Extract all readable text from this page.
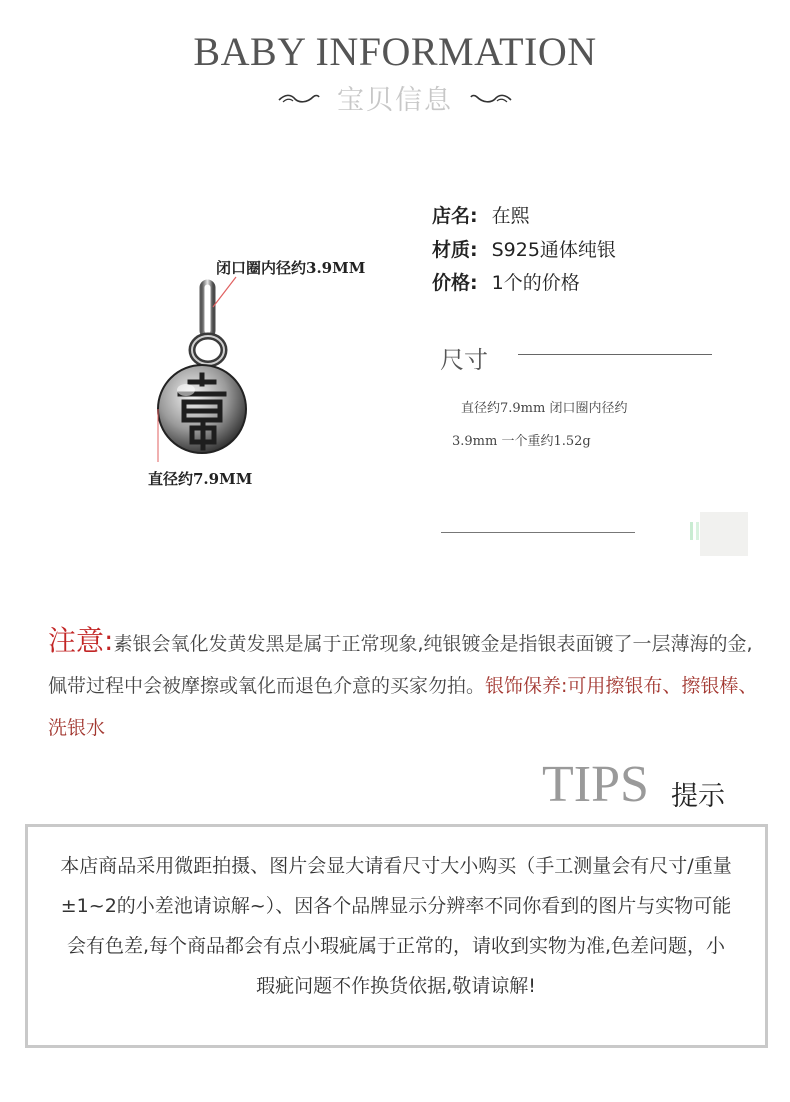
BABY INFORMATION
宝贝信息
闭口圈内径约3.9MM
直径约7.9MM
店名: 在熙
材质: S925通体纯银
价格: 1个的价格
尺寸
直径约7.9mm 闭口圈内径约
3.9mm 一个重约1.52g
注意:素银会氧化发黄发黑是属于正常现象,纯银镀金是指银表面镀了一层薄海的金,佩带过程中会被摩擦或氧化而退色介意的买家勿拍。银饰保养:可用擦银布、擦银棒、洗银水
TIPS 提示
本店商品采用微距拍摄、图片会显大请看尺寸大小购买（手工测量会有尺寸/重量±1~2的小差池请谅解~）、因各个品牌显示分辨率不同你看到的图片与实物可能会有色差,每个商品都会有点小瑕疵属于正常的，请收到实物为准,色差问题，小瑕疵问题不作换货依据,敬请谅解!
